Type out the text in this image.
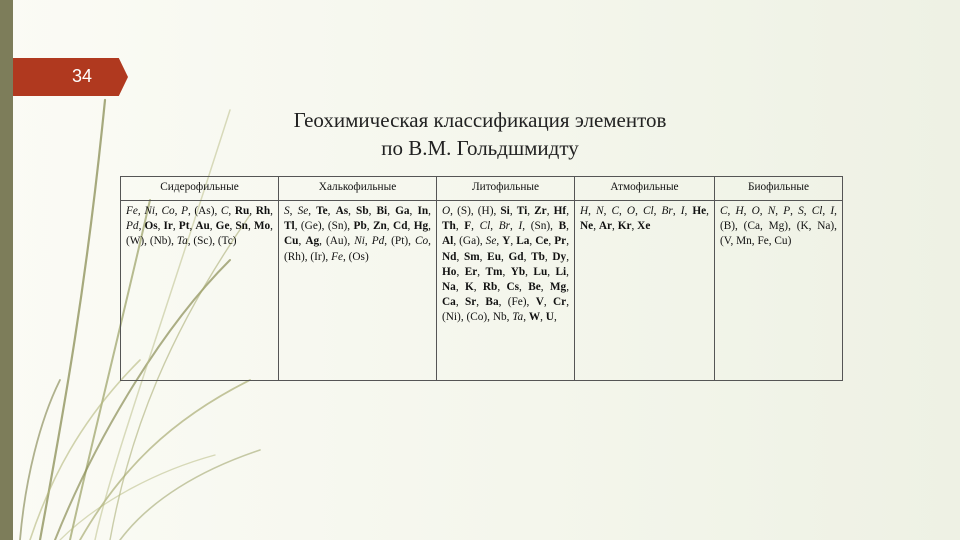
34
Геохимическая классификация элементов
по В.М. Гольдшмидту
Сидерофильные	Халькофильные	Литофильные	Атмофильные	Биофильные
Fe, Ni, Co, P, (As), C, Ru, Rh, Pd, Os, Ir, Pt, Au, Ge, Sn, Mo, (W), (Nb), Ta, (Sc), (Tc)	S, Se, Te, As, Sb, Bi, Ga, In, Tl, (Ge), (Sn), Pb, Zn, Cd, Hg, Cu, Ag, (Au), Ni, Pd, (Pt), Co, (Rh), (Ir), Fe, (Os)	O, (S), (H), Si, Ti, Zr, Hf, Th, F, Cl, Br, I, (Sn), B, Al, (Ga), Se, Y, La, Ce, Pr, Nd, Sm, Eu, Gd, Tb, Dy, Ho, Er, Tm, Yb, Lu, Li, Na, K, Rb, Cs, Be, Mg, Ca, Sr, Ba, (Fe), V, Cr, (Ni), (Co), Nb, Ta, W, U,	H, N, C, O, Cl, Br, I, He, Ne, Ar, Kr, Xe	C, H, O, N, P, S, Cl, I, (B), (Ca, Mg), (K, Na), (V, Mn, Fe, Cu)
